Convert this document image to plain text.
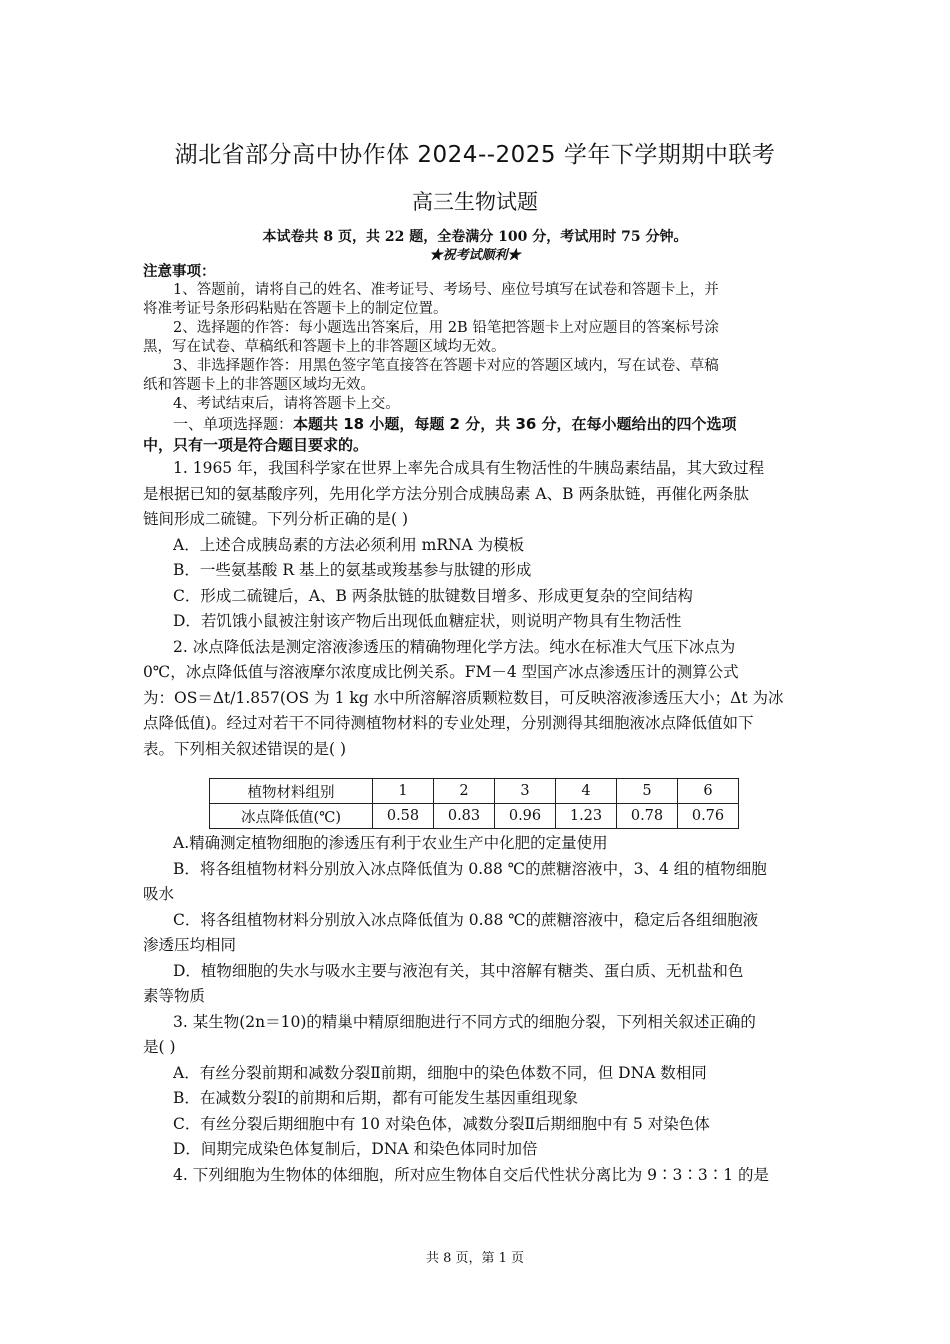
湖北省部分高中协作体 2024--2025 学年下学期期中联考
高三生物试题
本试卷共 8 页，共 22 题，全卷满分 100 分，考试用时 75 分钟。
★祝考试顺利★
注意事项：
1、答题前，请将自己的姓名、准考证号、考场号、座位号填写在试卷和答题卡上，并
将准考证号条形码粘贴在答题卡上的制定位置。
2、选择题的作答：每小题选出答案后，用 2B 铅笔把答题卡上对应题目的答案标号涂
黑，写在试卷、草稿纸和答题卡上的非答题区域均无效。
3、非选择题作答：用黑色签字笔直接答在答题卡对应的答题区域内，写在试卷、草稿
纸和答题卡上的非答题区域均无效。
4、考试结束后，请将答题卡上交。
一、单项选择题：本题共 18 小题，每题 2 分，共 36 分，在每小题给出的四个选项
中，只有一项是符合题目要求的。
1. 1965 年，我国科学家在世界上率先合成具有生物活性的牛胰岛素结晶，其大致过程
是根据已知的氨基酸序列，先用化学方法分别合成胰岛素 A、B 两条肽链，再催化两条肽
链间形成二硫键。下列分析正确的是( )
A．上述合成胰岛素的方法必须利用 mRNA 为模板
B．一些氨基酸 R 基上的氨基或羧基参与肽键的形成
C．形成二硫键后，A、B 两条肽链的肽键数目增多、形成更复杂的空间结构
D．若饥饿小鼠被注射该产物后出现低血糖症状，则说明产物具有生物活性
2. 冰点降低法是测定溶液渗透压的精确物理化学方法。纯水在标准大气压下冰点为
0℃，冰点降低值与溶液摩尔浓度成比例关系。FM－4 型国产冰点渗透压计的测算公式
为：OS＝Δt/1.857(OS 为 1 kg 水中所溶解溶质颗粒数目，可反映溶液渗透压大小；Δt 为冰
点降低值)。经过对若干不同待测植物材料的专业处理，分别测得其细胞液冰点降低值如下
表。下列相关叙述错误的是( )
植物材料组别	1	2	3	4	5	6
冰点降低值(℃)	0.58	0.83	0.96	1.23	0.78	0.76
A.精确测定植物细胞的渗透压有利于农业生产中化肥的定量使用
B．将各组植物材料分别放入冰点降低值为 0.88 ℃的蔗糖溶液中，3、4 组的植物细胞
吸水
C．将各组植物材料分别放入冰点降低值为 0.88 ℃的蔗糖溶液中，稳定后各组细胞液
渗透压均相同
D．植物细胞的失水与吸水主要与液泡有关，其中溶解有糖类、蛋白质、无机盐和色
素等物质
3. 某生物(2n＝10)的精巢中精原细胞进行不同方式的细胞分裂，下列相关叙述正确的
是( )
A．有丝分裂前期和减数分裂Ⅱ前期，细胞中的染色体数不同，但 DNA 数相同
B．在减数分裂Ⅰ的前期和后期，都有可能发生基因重组现象
C．有丝分裂后期细胞中有 10 对染色体，减数分裂Ⅱ后期细胞中有 5 对染色体
D．间期完成染色体复制后，DNA 和染色体同时加倍
4. 下列细胞为生物体的体细胞，所对应生物体自交后代性状分离比为 9∶3∶3∶1 的是
共 8 页，第 1 页
